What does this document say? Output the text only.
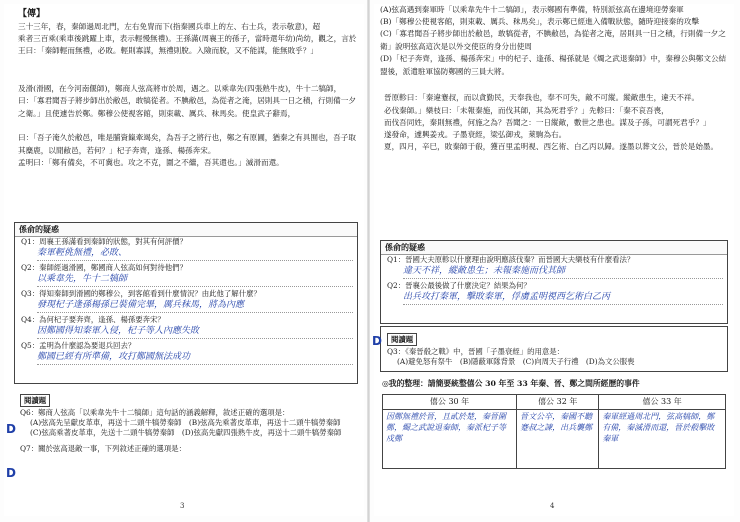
【傳】
三十三年，春，秦師過周北門，左右免冑而下(指秦國兵車上的左、右士兵，表示敬意)，超
乘者三百乘(乘車後跳躍上車，表示輕慢無禮)。王孫滿(周襄王的孫子，當時還年幼)尚幼，觀之，言於王曰：「秦師輕而無禮，必敗。輕則寡謀，無禮則脫。入險而脫，又不能謀，能無敗乎？」
及滑(滑國，在今河南偃師)，鄭商人弦高將市於周，遇之。以乘韋先(四張熟牛皮)，牛十二犒師，
曰：「寡君聞吾子將步師出於敝邑，敢犒從者。不腆敝邑，為從者之淹，居則具一日之積，行則備一夕之衛。」且使遽告於鄭。鄭穆公使視客館，則束載、厲兵、秣馬矣。使皇武子辭焉，
曰：「吾子淹久於敝邑，唯是脯資餼牽竭矣，為吾子之將行也，鄭之有原圃，猶秦之有具囿也，吾子取其麋鹿，以閒敝邑，若何？」杞子奔齊，逢孫、楊孫奔宋。
孟明曰：「鄭有備矣，不可冀也。攻之不克，圍之不繼，吾其還也。」滅滑而還。
係俞的疑惑
Q1：周襄王孫滿看到秦師的狀態，對其有何評價？
秦軍輕佻無禮，必敗、
Q2：秦師經過滑國，鄭國商人弦高如何對待他們？
以乘韋先，牛十二犒師
Q3：得知秦師到滑國的鄭穆公，到客館看到什麼情況？由此他了解什麼？
發現杞子逢孫楊孫已裝備完畢，厲兵秣馬，將為內應
Q4：為何杞子要奔齊，逢孫、楊孫要奔宋？
因鄭國得知秦軍入侵，杞子等人內應失敗
Q5：孟明為什麼認為要退兵回去？
鄭國已經有所準備，攻打鄭國無法成功
閱讀題
Q6：鄭商人弦高「以乘韋先牛十二犒師」這句話的涵義解釋，敘述正確的選項是：
(A)弦高先呈獻皮革車，再送十二頭牛犒勞秦師　(B)弦高先乘著皮革車，再送十二頭牛犒勞秦師
(C)弦高乘著皮革車，先送十二頭牛犒勞秦師　(D)弦高先獻四張熟牛皮，再送十二頭牛犒勞秦師
Q7：關於弦高退敵一事，下列敘述正確的選項是：
D
D
3
(A)弦高遇到秦軍時「以乘韋先牛十二犒師」，表示鄭國有準備，特別派弦高在邊境迎勞秦軍
(B)「鄭穆公使視客館，則束載、厲兵、秣馬矣」，表示鄭已經進入備戰狀態，隨時迎接秦的攻擊
(C)「寡君聞吾子將步師出於敝邑，敢犒從者，不腆敝邑，為從者之淹，居則具一日之積，行則備一夕之衛」說明弦高這次是以外交使臣的身分出使周
(D)「杞子奔齊，逢孫、楊孫奔宋」中的杞子、逢孫、楊孫就是《燭之武退秦師》中，秦穆公與鄭文公結盟後，派遣駐軍協防鄭國的三員大將。
晉原軫曰：「秦違蹇叔，而以貪勤民，天奉我也，奉不可失，敵不可縱。縱敵患生，違天不祥。
必伐秦師。」欒枝曰：「未報秦施，而伐其師，其為死君乎？」先軫曰：「秦不哀吾喪，
而伐吾同姓，秦則無禮，何施之為？吾聞之：一日縱敵，數世之患也。謀及子孫，可謂死君乎？」
遂發命，遽興姜戎。子墨衰絰，梁弘御戎，萊駒為右。
夏，四月，辛巳，敗秦師于殽，獲百里孟明視、西乞術、白乙丙以歸。遂墨以葬文公，晉於是始墨。
係俞的疑惑
Q1：晉國大夫原軫以什麼理由說明應該伐秦？而晉國大夫欒枝有什麼看法？
違天不祥，縱敵患生；未報秦施而伐其師
Q2：晉襄公最後做了什麼決定？結果為何？
出兵攻打秦軍，擊敗秦軍，俘虜孟明視西乞術白乙丙
閱讀題
Q3：《秦晉殽之戰》中，晉國「子墨衰絰」的用意是：
(A)避免怒有祭牛　(B)隱蔽軍隊背景　(C)向周天子行禮　(D)為文公服喪
◎我的整理：請簡要統整僖公 30 年至 33 年秦、晉、鄭之間所經歷的事件
僖公 30 年	僖公 32 年	僖公 33 年
因鄭無禮於晉，且貳於楚，秦晉圍鄭，燭之武說退秦師，秦派杞子等戍鄭	晉文公卒，秦國不聽蹇叔之諫，出兵襲鄭	秦軍經過周北門，弦高犒師，鄭有備，秦滅滑而還，晉於殽擊敗秦軍
D
4
